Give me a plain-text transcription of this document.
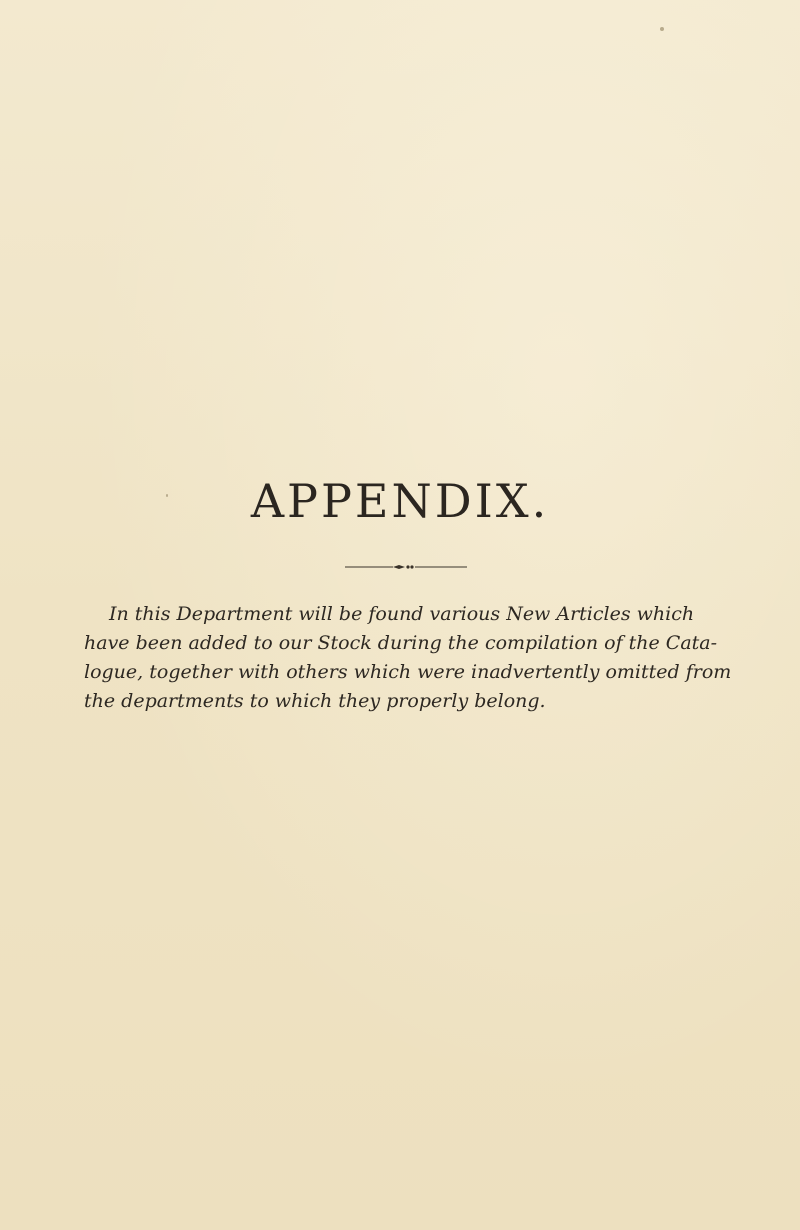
APPENDIX.
In this Department will be found various New Articles which
have been added to our Stock during the compilation of the Cata-
logue, together with others which were inadvertently omitted from
the departments to which they properly belong.
